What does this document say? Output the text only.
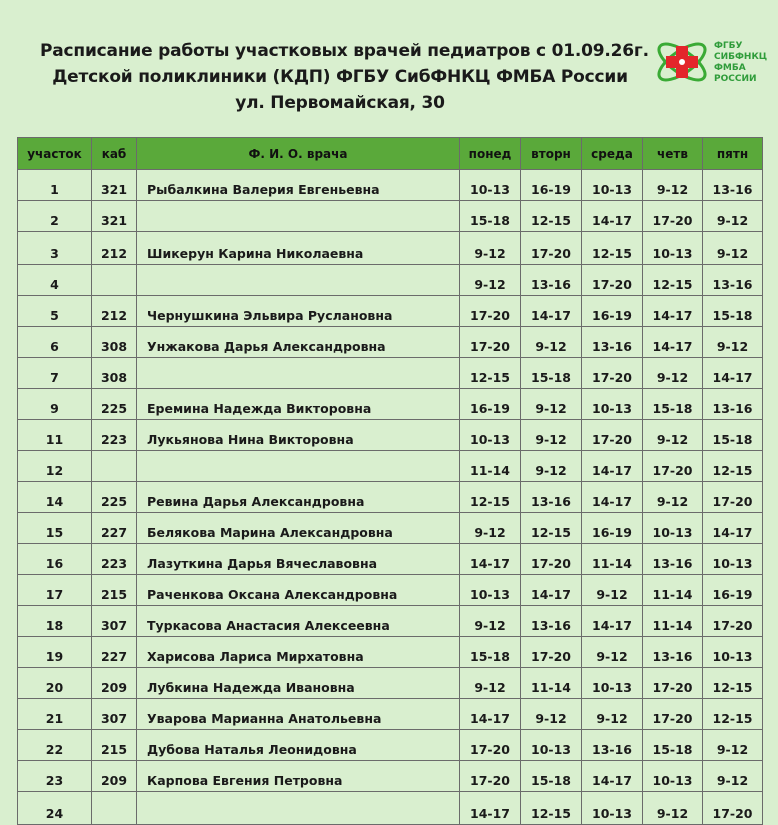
Расписание работы участковых врачей педиатров с 01.09.26г.
Детской поликлиники (КДП) ФГБУ СибФНКЦ ФМБА России
ул. Первомайская, 30
ФГБУ
СИБФНКЦ
ФМБА
РОССИИ
участок	каб	Ф. И. О. врача	понед	вторн	среда	четв	пятн
1	321	Рыбалкина Валерия Евгеньевна	10-13	16-19	10-13	9-12	13-16
2	321		15-18	12-15	14-17	17-20	9-12
3	212	Шикерун Карина Николаевна	9-12	17-20	12-15	10-13	9-12
4			9-12	13-16	17-20	12-15	13-16
5	212	Чернушкина Эльвира Руслановна	17-20	14-17	16-19	14-17	15-18
6	308	Унжакова Дарья Александровна	17-20	9-12	13-16	14-17	9-12
7	308		12-15	15-18	17-20	9-12	14-17
9	225	Еремина Надежда Викторовна	16-19	9-12	10-13	15-18	13-16
11	223	Лукьянова Нина Викторовна	10-13	9-12	17-20	9-12	15-18
12			11-14	9-12	14-17	17-20	12-15
14	225	Ревина Дарья Александровна	12-15	13-16	14-17	9-12	17-20
15	227	Белякова Марина Александровна	9-12	12-15	16-19	10-13	14-17
16	223	Лазуткина Дарья Вячеславовна	14-17	17-20	11-14	13-16	10-13
17	215	Раченкова Оксана Александровна	10-13	14-17	9-12	11-14	16-19
18	307	Туркасова Анастасия Алексеевна	9-12	13-16	14-17	11-14	17-20
19	227	Харисова Лариса Мирхатовна	15-18	17-20	9-12	13-16	10-13
20	209	Лубкина Надежда Ивановна	9-12	11-14	10-13	17-20	12-15
21	307	Уварова Марианна Анатольевна	14-17	9-12	9-12	17-20	12-15
22	215	Дубова Наталья Леонидовна	17-20	10-13	13-16	15-18	9-12
23	209	Карпова Евгения Петровна	17-20	15-18	14-17	10-13	9-12
24			14-17	12-15	10-13	9-12	17-20
